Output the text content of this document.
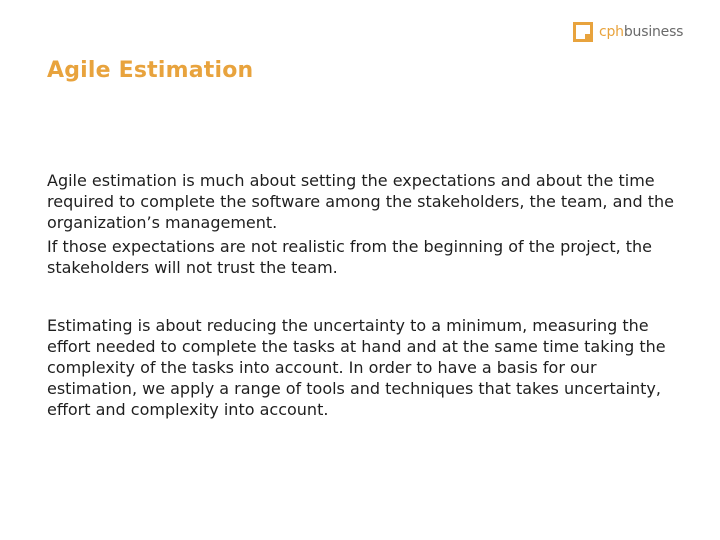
cphbusiness
Agile Estimation

Agile estimation is much about setting the expectations and about the time required to complete the software among the stakeholders, the team, and the organization’s management.

If those expectations are not realistic from the beginning of the project, the stakeholders will not trust the team.

Estimating is about reducing the uncertainty to a minimum, measuring the effort needed to complete the tasks at hand and at the same time taking the complexity of the tasks into account. In order to have a basis for our estimation, we apply a range of tools and techniques that takes uncertainty, effort and complexity into account.
